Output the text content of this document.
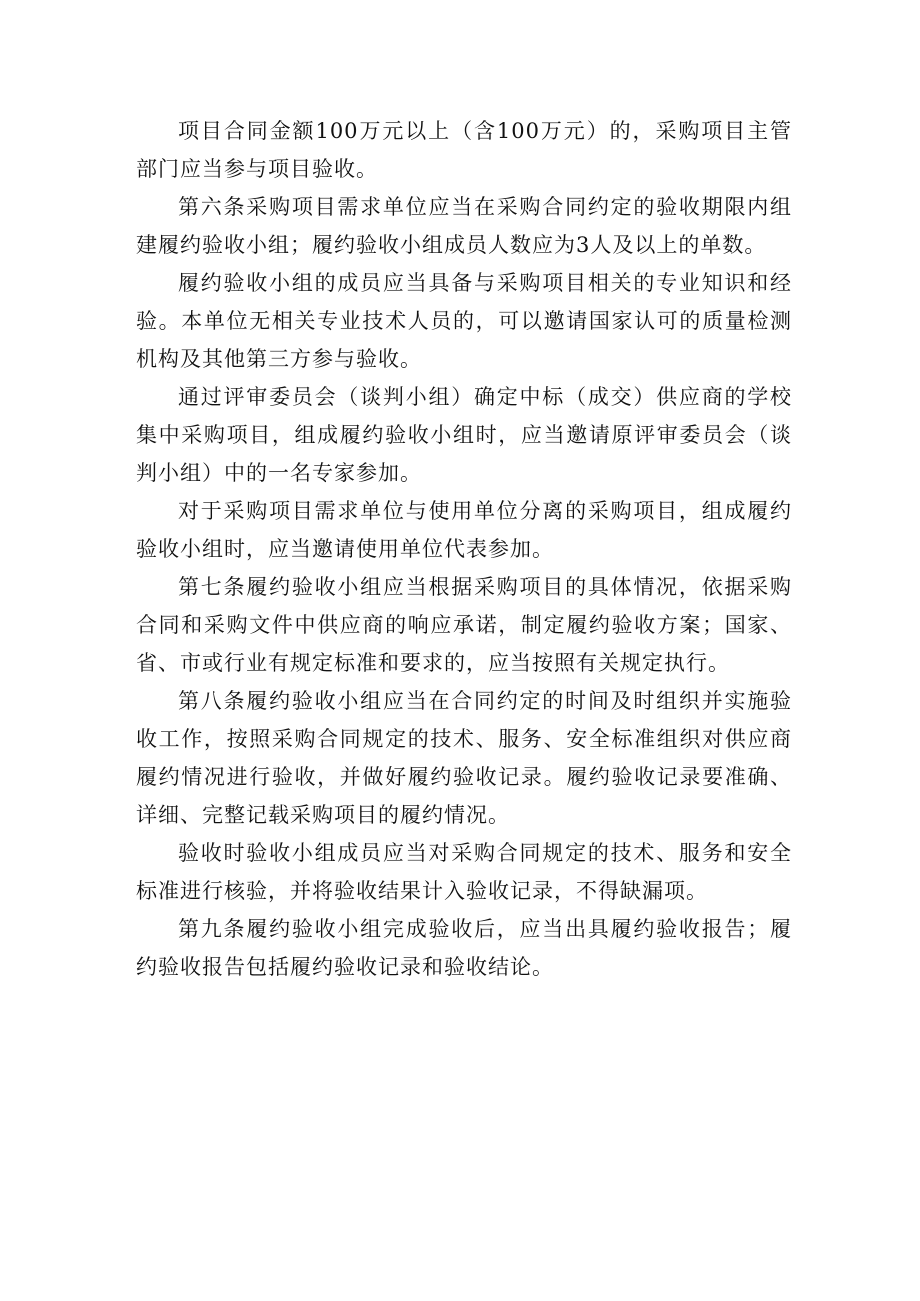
项目合同金额100万元以上（含100万元）的，采购项目主管部门应当参与项目验收。

第六条采购项目需求单位应当在采购合同约定的验收期限内组建履约验收小组；履约验收小组成员人数应为3人及以上的单数。

履约验收小组的成员应当具备与采购项目相关的专业知识和经验。本单位无相关专业技术人员的，可以邀请国家认可的质量检测机构及其他第三方参与验收。

通过评审委员会（谈判小组）确定中标（成交）供应商的学校集中采购项目，组成履约验收小组时，应当邀请原评审委员会（谈判小组）中的一名专家参加。

对于采购项目需求单位与使用单位分离的采购项目，组成履约验收小组时，应当邀请使用单位代表参加。

第七条履约验收小组应当根据采购项目的具体情况，依据采购合同和采购文件中供应商的响应承诺，制定履约验收方案；国家、省、市或行业有规定标准和要求的，应当按照有关规定执行。

第八条履约验收小组应当在合同约定的时间及时组织并实施验收工作，按照采购合同规定的技术、服务、安全标准组织对供应商履约情况进行验收，并做好履约验收记录。履约验收记录要准确、详细、完整记载采购项目的履约情况。

验收时验收小组成员应当对采购合同规定的技术、服务和安全标准进行核验，并将验收结果计入验收记录，不得缺漏项。

第九条履约验收小组完成验收后，应当出具履约验收报告；履约验收报告包括履约验收记录和验收结论。
